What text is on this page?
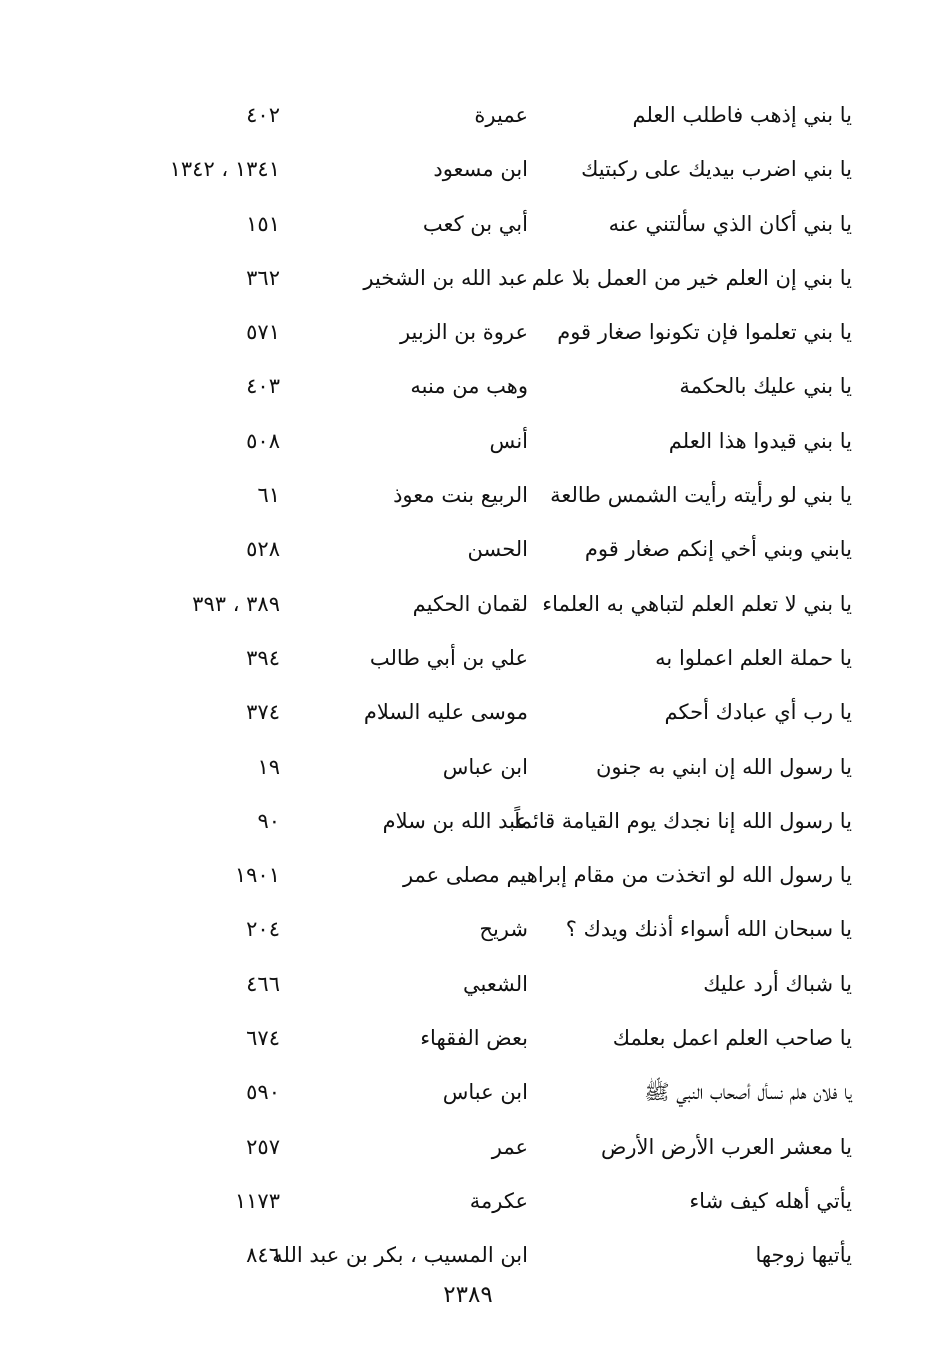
يا بني إذهب فاطلب العلم
عميرة
٤٠٢
يا بني اضرب بيديك على ركبتيك
ابن مسعود
١٣٤١ ، ١٣٤٢
يا بني أكان الذي سألتني عنه
أبي بن كعب
١٥١
يا بني إن العلم خير من العمل بلا علم
عبد الله بن الشخير
٣٦٢
يا بني تعلموا فإن تكونوا صغار قوم
عروة بن الزبير
٥٧١
يا بني عليك بالحكمة
وهب من منبه
٤٠٣
يا بني قيدوا هذا العلم
أنس
٥٠٨
يا بني لو رأيته رأيت الشمس طالعة
الربيع بنت معوذ
٦١
يابني وبني أخي إنكم صغار قوم
الحسن
٥٢٨
يا بني لا تعلم العلم لتباهي به العلماء
لقمان الحكيم
٣٨٩ ، ٣٩٣
يا حملة العلم اعملوا به
علي بن أبي طالب
٣٩٤
يا رب أي عبادك أحكم
موسى عليه السلام
٣٧٤
يا رسول الله إن ابني به جنون
ابن عباس
١٩
يا رسول الله إنا نجدك يوم القيامة قائماً
عبد الله بن سلام
٩٠
يا رسول الله لو اتخذت من مقام إبراهيم مصلى عمر
١٩٠١
يا سبحان الله أسواء أذنك ويدك ؟
شريح
٢٠٤
يا شباك أرد عليك
الشعبي
٤٦٦
يا صاحب العلم اعمل بعلمك
بعض الفقهاء
٦٧٤
يا فلان هلم نسأل أصحاب النبي ﷺ
ابن عباس
٥٩٠
يا معشر العرب الأرض الأرض
عمر
٢٥٧
يأتي أهله كيف شاء
عكرمة
١١٧٣
يأتيها زوجها
ابن المسيب ، بكر بن عبد الله
٨٤٦
٢٣٨٩
